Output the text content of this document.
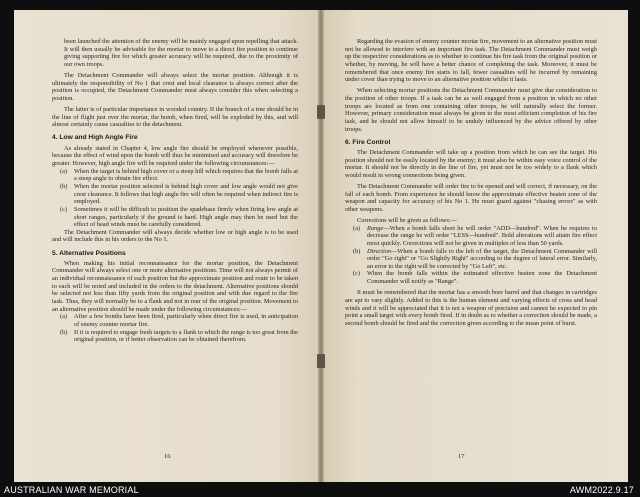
been launched the attention of the enemy will be mainly engaged upon repelling that attack. It will then usually be advisable for the mortar to move to a direct fire position to continue giving supporting fire for which greater accuracy will be required, due to the proximity of our own troops.

The Detachment Commander will always select the mortar position. Although it is ultimately the responsibility of No 1 that crest and local clearance is always correct after the position is occupied, the Detachment Commander must always consider this when selecting a position.

The latter is of particular importance in wooded country. If the branch of a tree should be in the line of flight just over the mortar, the bomb, when fired, will be exploded by this, and will almost certainly cause casualties to the detachment.

4. Low and High Angle Fire

As already stated in Chapter 4, low angle fire should be employed whenever possible, because the effect of wind upon the bomb will thus be minimised and accuracy will therefore be greater. However, high angle fire will be required under the following circumstances:—

(a)	When the target is behind high cover or a steep hill which requires that the bomb falls at a steep angle to obtain fire effect.
(b)	When the mortar position selected is behind high cover and low angle would not give crest clearance. It follows that high angle fire will often be required when indirect fire is employed.
(c)	Sometimes it will be difficult to position the spadebase firmly when firing low angle at short ranges, particularly if the ground is hard. High angle may then be used but the effect of head winds must be carefully considered.

The Detachment Commander will always decide whether low or high angle is to be used and will include this in his orders to the No 1.

5. Alternative Positions

When making his initial reconnaissance for the mortar position, the Detachment Commander will always select one or more alternative positions. Time will not always permit of an individual reconnaissance of each position but the approximate position and route to be taken to each will be noted and included in the orders to the detachment. Alternative positions should be selected not less than fifty yards from the original position and with due regard to the fire task. Thus, they will normally be to a flank and not in rear of the original position. Movement to an alternative position should be made under the following circumstances:—

(a)	After a few bombs have been fired, particularly when direct fire is used, in anticipation of enemy counter mortar fire.
(b)	If it is required to engage fresh targets to a flank to which the range is too great from the original position, or if better observation can be obtained therefrom.
16

Regarding the evasion of enemy counter mortar fire, movement to an alternative position must not be allowed to interfere with an important fire task. The Detachment Commander must weigh up the respective considerations as to whether to continue his fire task from the original position or whether, by moving, he will have a better chance of completing the task. Moreover, it must be remembered that once enemy fire starts to fall, fewer casualties will be incurred by remaining under cover than trying to move to an alternative position whilst it lasts.

When selecting mortar positions the Detachment Commander must give due consideration to the position of other troops. If a task can be as well engaged from a position in which no other troops are located as from one containing other troops, he will naturally select the former. However, primary consideration must always be given to the most efficient completion of his fire task, and he should not allow himself to be unduly influenced by the advice offered by other troops.

6. Fire Control

The Detachment Commander will take up a position from which he can see the target. His position should not be easily located by the enemy; it must also be within easy voice control of the mortar. It should not be directly in the line of fire, yet must not be too widely to a flank which would result in wrong connections being given.

The Detachment Commander will order fire to be opened and will correct, if necessary, on the fall of each bomb. From experience he should know the approximate effective beaten zone of the weapon and capacity for accuracy of his No 1. He must guard against "chasing errors" as with other weapons.

Corrections will be given as follows:—

(a)	Range—When a bomb falls short he will order "ADD—hundred". When he requires to decrease the range he will order "LESS—hundred". Bold alterations will attain fire effect most quickly. Corrections will not be given in multiples of less than 50 yards.
(b)	Direction—When a bomb falls to the left of the target, the Detachment Commander will order "Go right" or "Go Slightly Right" according to the degree of lateral error. Similarly, an error to the right will be corrected by "Go Left", etc.
(c)	When the bomb falls within the estimated effective beaten zone the Detachment Commander will notify as "Range".

It must be remembered that the mortar has a smooth bore barrel and that changes in cartridges are apt to vary slightly. Added to this is the human element and varying effects of cross and head winds and it will be appreciated that it is not a weapon of precision and cannot be expected to pin point a small target with every bomb fired. If in doubt as to whether a correction should be made, a second bomb should be fired and the correction given according to the mean point of burst.

17
AUSTRALIAN WAR MEMORIAL	AWM2022.9.17
